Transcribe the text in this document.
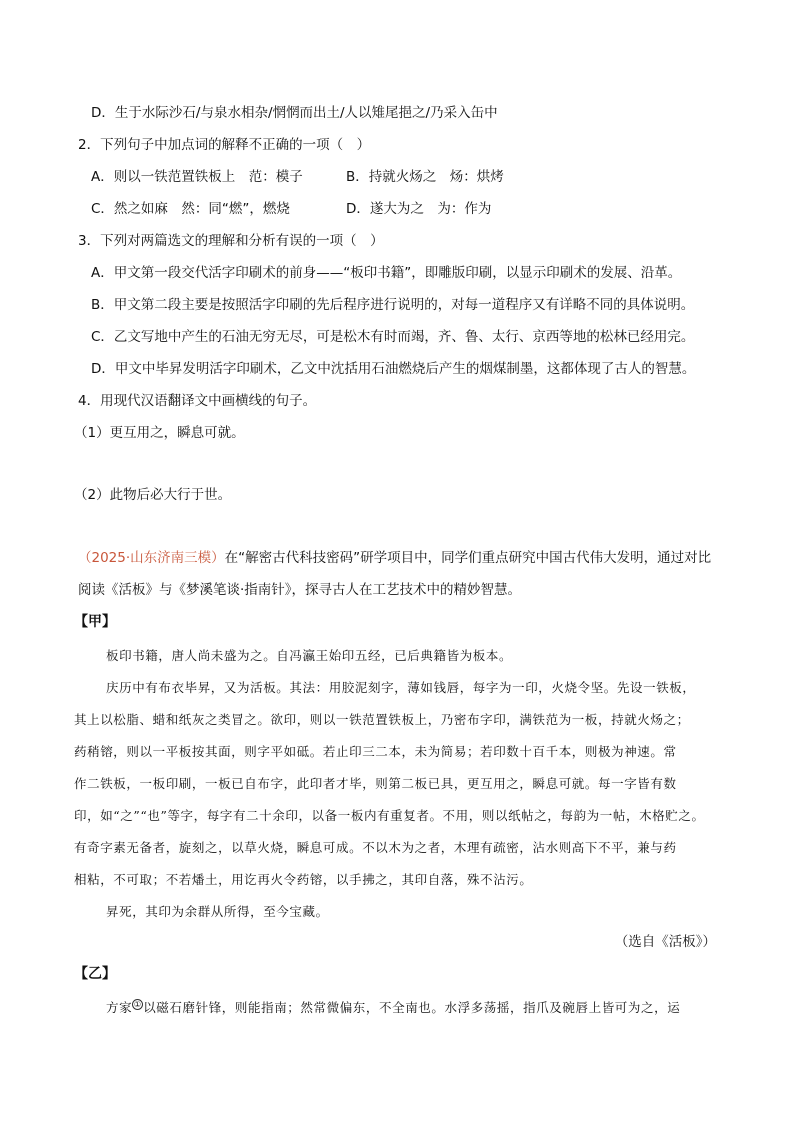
D．生于水际沙石/与泉水相杂/惘惘而出土/人以雉尾挹之/乃采入缶中
2．下列句子中加点词的解释不正确的一项（　）
A．则以一铁范置铁板上　范：模子	B．持就火炀之　炀：烘烤
C．然之如麻　然：同“燃”，燃烧	D．遂大为之　为：作为
3．下列对两篇选文的理解和分析有误的一项（　）
A．甲文第一段交代活字印刷术的前身——“板印书籍”，即雕版印刷，以显示印刷术的发展、沿革。
B．甲文第二段主要是按照活字印刷的先后程序进行说明的，对每一道程序又有详略不同的具体说明。
C．乙文写地中产生的石油无穷无尽，可是松木有时而竭，齐、鲁、太行、京西等地的松林已经用完。
D．甲文中毕昇发明活字印刷术，乙文中沈括用石油燃烧后产生的烟煤制墨，这都体现了古人的智慧。
4．用现代汉语翻译文中画横线的句子。
（1）更互用之，瞬息可就。
（2）此物后必大行于世。
（2025·山东济南三模）在“解密古代科技密码”研学项目中，同学们重点研究中国古代伟大发明，通过对比
阅读《活板》与《梦溪笔谈·指南针》，探寻古人在工艺技术中的精妙智慧。
【甲】
板印书籍，唐人尚未盛为之。自冯瀛王始印五经，已后典籍皆为板本。
庆历中有布衣毕昇，又为活板。其法：用胶泥刻字，薄如钱唇，每字为一印，火烧令坚。先设一铁板，
其上以松脂、蜡和纸灰之类冒之。欲印，则以一铁范置铁板上，乃密布字印，满铁范为一板，持就火炀之；
药稍镕，则以一平板按其面，则字平如砥。若止印三二本，未为简易；若印数十百千本，则极为神速。常
作二铁板，一板印刷，一板已自布字，此印者才毕，则第二板已具，更互用之，瞬息可就。每一字皆有数
印，如“之”“也”等字，每字有二十余印，以备一板内有重复者。不用，则以纸帖之，每韵为一帖，木格贮之。
有奇字素无备者，旋刻之，以草火烧，瞬息可成。不以木为之者，木理有疏密，沾水则高下不平，兼与药
相粘，不可取；不若燔土，用讫再火令药镕，以手拂之，其印自落，殊不沾污。
昇死，其印为余群从所得，至今宝藏。
（选自《活板》）
【乙】
方家 ① 以磁石磨针锋，则能指南；然常微偏东，不全南也。水浮多荡摇，指爪及碗唇上皆可为之，运
